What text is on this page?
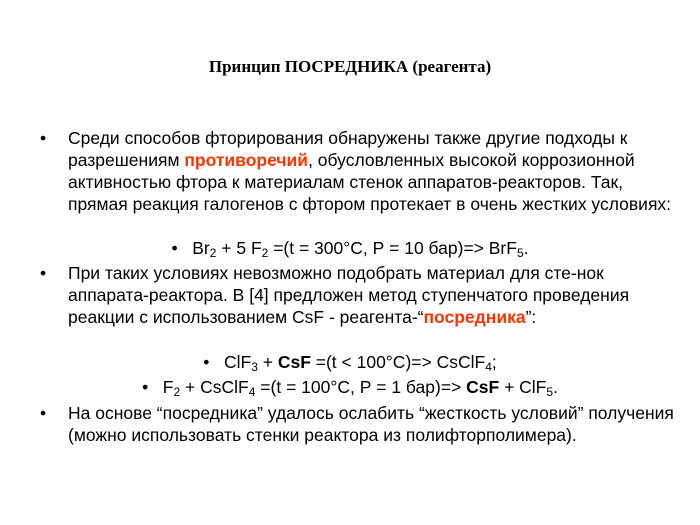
Принцип ПОСРЕДНИКА (реагента)
• Среди способов фторирования обнаружены также другие подходы к разрешениям противоречий, обусловленных высокой коррозионной активностью фтора к материалам стенок аппаратов-реакторов. Так, прямая реакция галогенов с фтором протекает в очень жестких условиях:
• $Br_2 + 5$ $F_2 =(t = 300^\circ С$, Р = 10 бар)=> BrF$_5$.
• При таких условиях невозможно подобрать материал для сте-нок аппарата-реактора. В [4] предложен метод ступенчатого проведения реакции с использованием CsF - реагента-“посредника”:
• ClF$_3$ + CsF =(t < 100°С)=> CsClF$_4$;
• $F_2$ + CsClF$_4$ =(t = 100°С, Р = 1 бар)=> CsF + ClF$_5$.
• На основе “посредника” удалось ослабить “жесткость условий” получения (можно использовать стенки реактора из полифторполимера).
